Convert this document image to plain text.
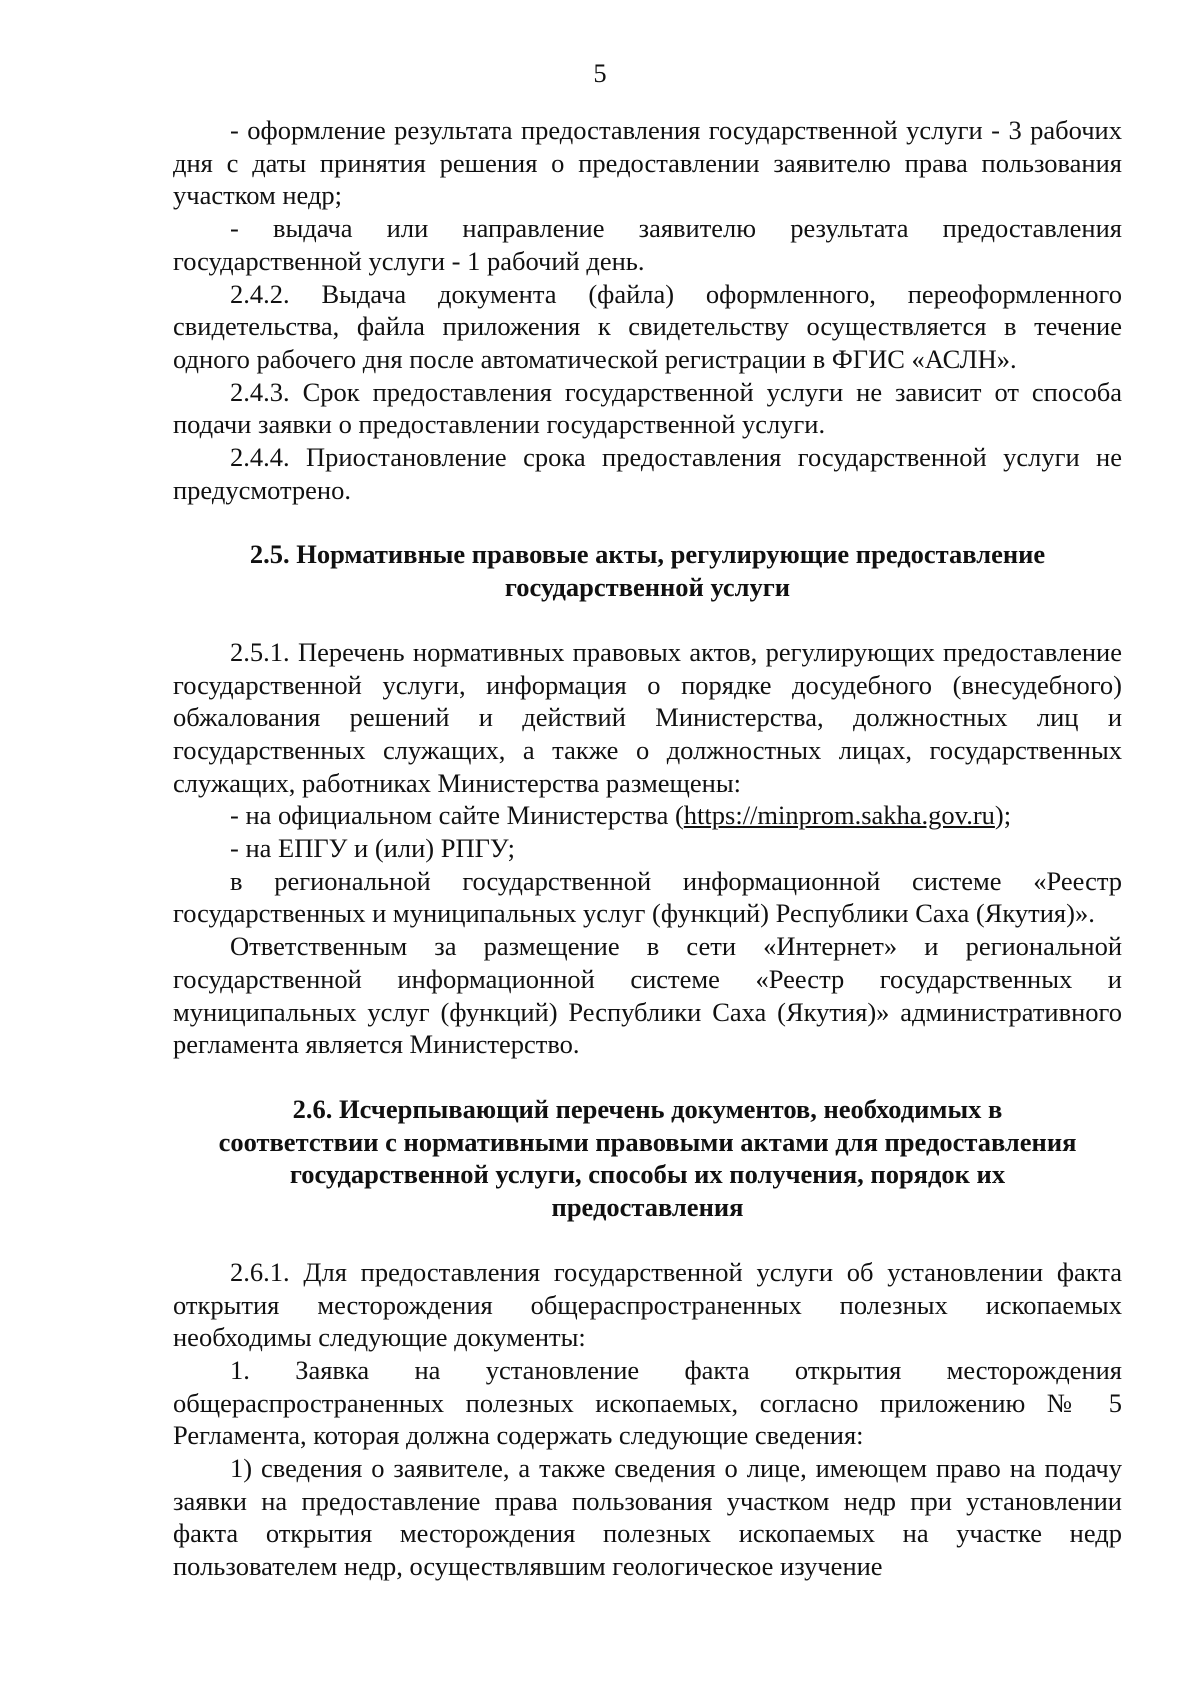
5

- оформление результата предоставления государственной услуги - 3 рабочих дня с даты принятия решения о предоставлении заявителю права пользования участком недр;

- выдача или направление заявителю результата предоставления государственной услуги - 1 рабочий день.

2.4.2. Выдача документа (файла) оформленного, переоформленного свидетельства, файла приложения к свидетельству осуществляется в течение одного рабочего дня после автоматической регистрации в ФГИС «АСЛН».

2.4.3. Срок предоставления государственной услуги не зависит от способа подачи заявки о предоставлении государственной услуги.

2.4.4. Приостановление срока предоставления государственной услуги не предусмотрено.

2.5. Нормативные правовые акты, регулирующие предоставление
государственной услуги

2.5.1. Перечень нормативных правовых актов, регулирующих предоставление государственной услуги, информация о порядке досудебного (внесудебного) обжалования решений и действий Министерства, должностных лиц и государственных служащих, а также о должностных лицах, государственных служащих, работниках Министерства размещены:

- на официальном сайте Министерства (https://minprom.sakha.gov.ru);

- на ЕПГУ и (или) РПГУ;

в региональной государственной информационной системе «Реестр государственных и муниципальных услуг (функций) Республики Саха (Якутия)».

Ответственным за размещение в сети «Интернет» и региональной государственной информационной системе «Реестр государственных и муниципальных услуг (функций) Республики Саха (Якутия)» административного регламента является Министерство.

2.6. Исчерпывающий перечень документов, необходимых в
соответствии с нормативными правовыми актами для предоставления
государственной услуги, способы их получения, порядок их
предоставления

2.6.1. Для предоставления государственной услуги об установлении факта открытия месторождения общераспространенных полезных ископаемых необходимы следующие документы:

1. Заявка на установление факта открытия месторождения общераспространенных полезных ископаемых, согласно приложению № 5 Регламента, которая должна содержать следующие сведения:

1) сведения о заявителе, а также сведения о лице, имеющем право на подачу заявки на предоставление права пользования участком недр при установлении факта открытия месторождения полезных ископаемых на участке недр пользователем недр, осуществлявшим геологическое изучение
